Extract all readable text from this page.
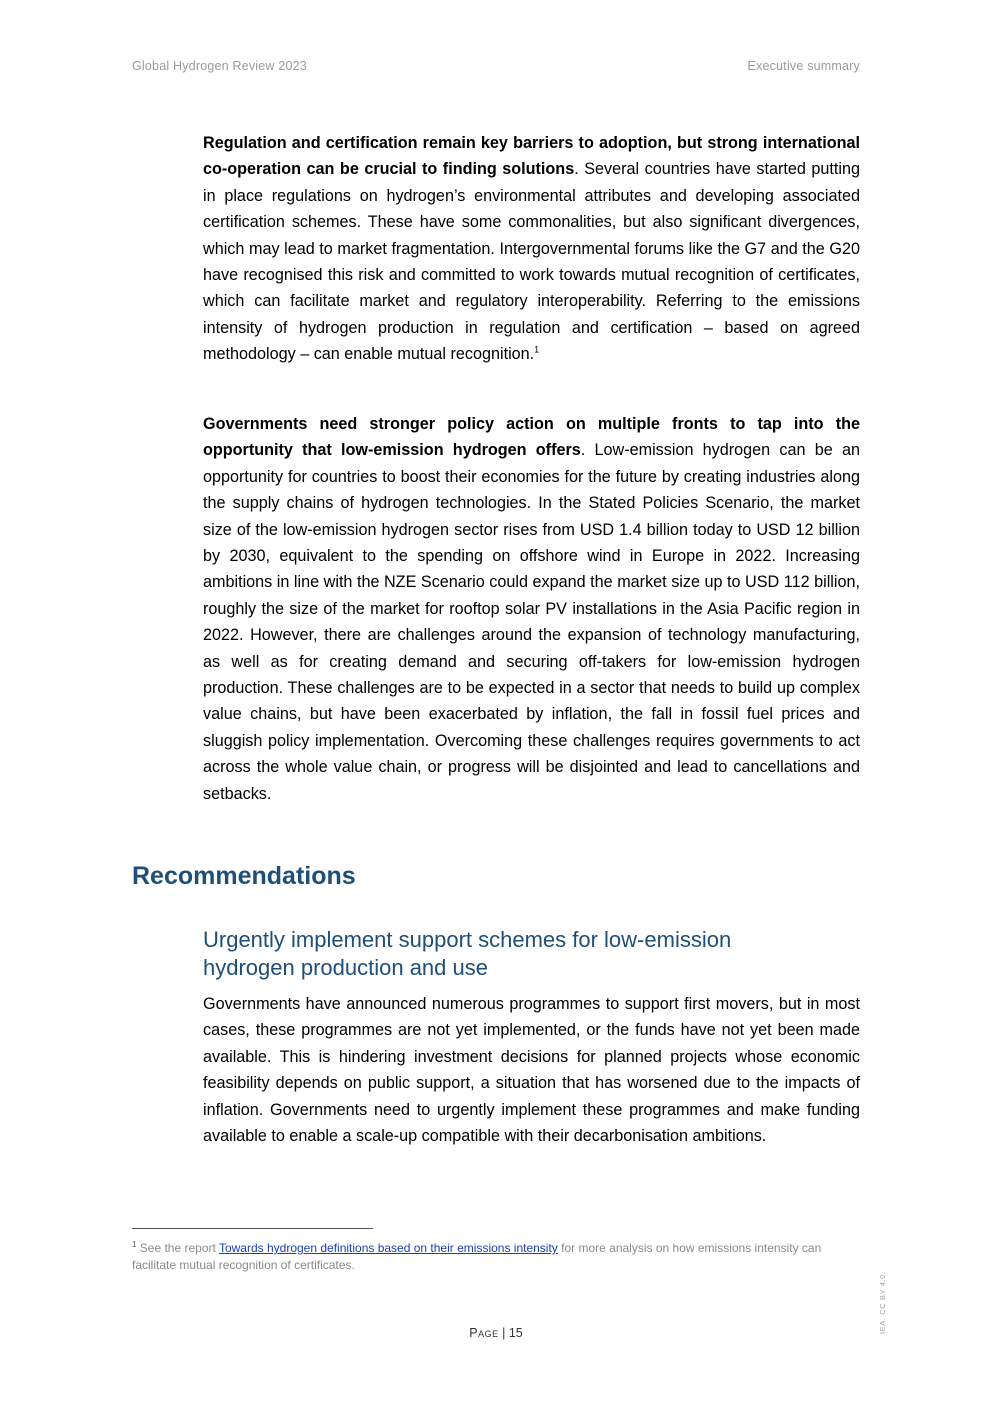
Global Hydrogen Review 2023	Executive summary

Regulation and certification remain key barriers to adoption, but strong international co-operation can be crucial to finding solutions. Several countries have started putting in place regulations on hydrogen’s environmental attributes and developing associated certification schemes. These have some commonalities, but also significant divergences, which may lead to market fragmentation. Intergovernmental forums like the G7 and the G20 have recognised this risk and committed to work towards mutual recognition of certificates, which can facilitate market and regulatory interoperability. Referring to the emissions intensity of hydrogen production in regulation and certification – based on agreed methodology – can enable mutual recognition.$^1$

Governments need stronger policy action on multiple fronts to tap into the opportunity that low-emission hydrogen offers. Low-emission hydrogen can be an opportunity for countries to boost their economies for the future by creating industries along the supply chains of hydrogen technologies. In the Stated Policies Scenario, the market size of the low-emission hydrogen sector rises from USD 1.4 billion today to USD 12 billion by 2030, equivalent to the spending on offshore wind in Europe in 2022. Increasing ambitions in line with the NZE Scenario could expand the market size up to USD 112 billion, roughly the size of the market for rooftop solar PV installations in the Asia Pacific region in 2022. However, there are challenges around the expansion of technology manufacturing, as well as for creating demand and securing off-takers for low-emission hydrogen production. These challenges are to be expected in a sector that needs to build up complex value chains, but have been exacerbated by inflation, the fall in fossil fuel prices and sluggish policy implementation. Overcoming these challenges requires governments to act across the whole value chain, or progress will be disjointed and lead to cancellations and setbacks.

Recommendations
Urgently implement support schemes for low-emission hydrogen production and use

Governments have announced numerous programmes to support first movers, but in most cases, these programmes are not yet implemented, or the funds have not yet been made available. This is hindering investment decisions for planned projects whose economic feasibility depends on public support, a situation that has worsened due to the impacts of inflation. Governments need to urgently implement these programmes and make funding available to enable a scale-up compatible with their decarbonisation ambitions.

$^1$ See the report Towards hydrogen definitions based on their emissions intensity for more analysis on how emissions intensity can facilitate mutual recognition of certificates.

Page | 15	IEA. CC BY 4.0.
